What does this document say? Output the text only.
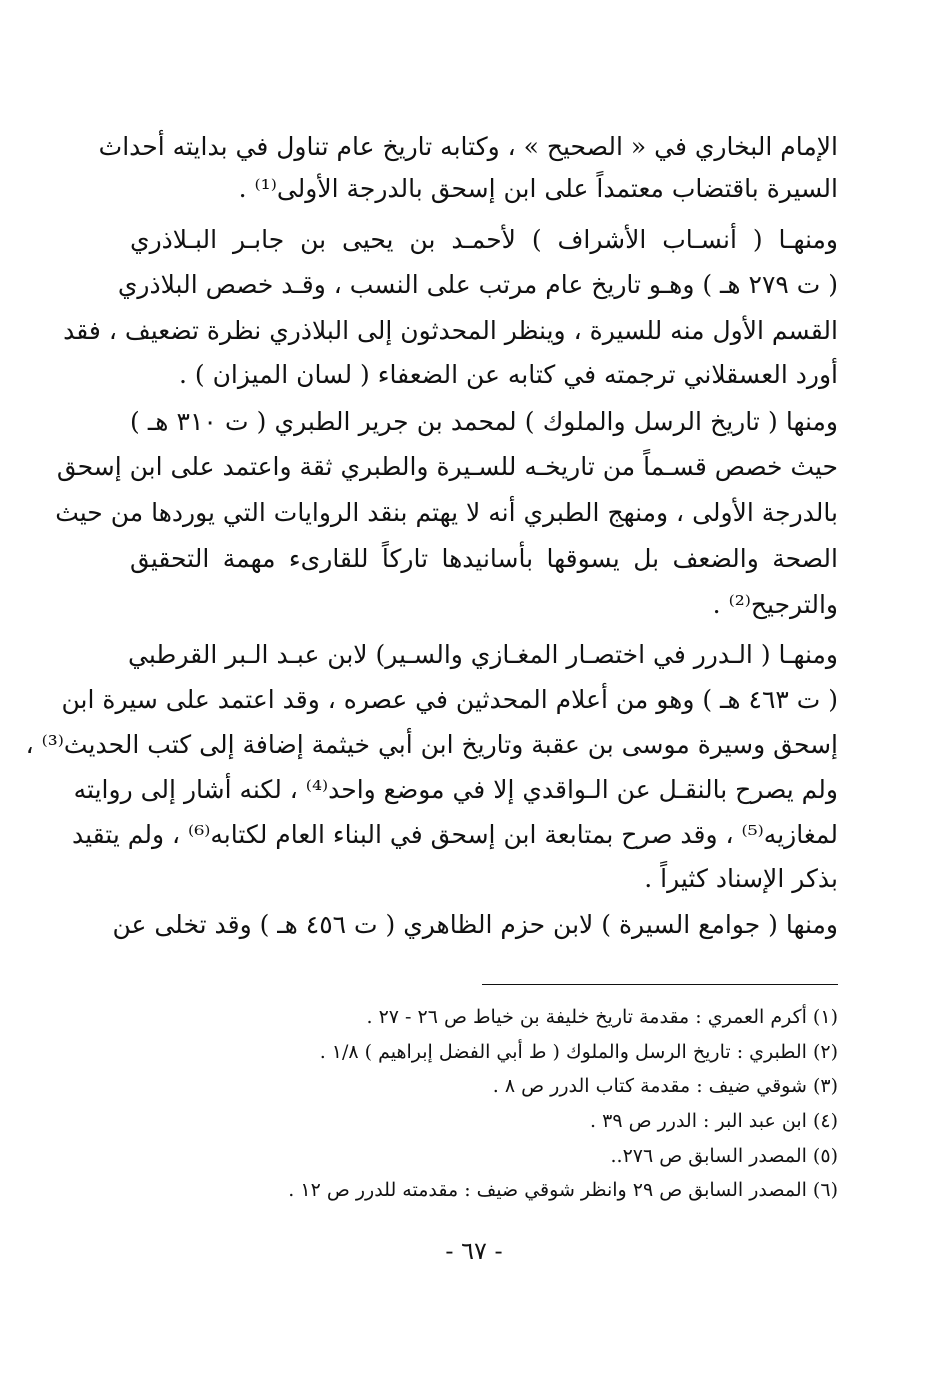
الإمام البخاري في « الصحيح » ، وكتابه تاريخ عام تناول في بدايته أحداث
السيرة باقتضاب معتمداً على ابن إسحق بالدرجة الأولى⁽¹⁾ .
ومنهـا ( أنسـاب الأشراف ) لأحمـد بن يحيى بن جابـر البـلاذري
( ت ٢٧٩ هـ ) وهـو تاريخ عام مرتب على النسب ، وقـد خصص البلاذري
القسم الأول منه للسيرة ، وينظر المحدثون إلى البلاذري نظرة تضعيف ، فقد
أورد العسقلاني ترجمته في كتابه عن الضعفاء ( لسان الميزان ) .
ومنها ( تاريخ الرسل والملوك ) لمحمد بن جرير الطبري ( ت ٣١٠ هـ )
حيث خصص قسـماً من تاريخـه للسـيرة والطبري ثقة واعتمد على ابن إسحق
بالدرجة الأولى ، ومنهج الطبري أنه لا يهتم بنقد الروايات التي يوردها من حيث
الصحة والضعف بل يسوقها بأسانيدها تاركاً للقارىء مهمة التحقيق
والترجيح⁽²⁾ .
ومنهـا ( الـدرر في اختصـار المغـازي والسـير) لابن عبـد الـبر القرطبي
( ت ٤٦٣ هـ ) وهو من أعلام المحدثين في عصره ، وقد اعتمد على سيرة ابن
إسحق وسيرة موسى بن عقبة وتاريخ ابن أبي خيثمة إضافة إلى كتب الحديث⁽³⁾ ،
ولم يصرح بالنقـل عن الـواقدي إلا في موضع واحد⁽⁴⁾ ، لكنه أشار إلى روايته
لمغازيه⁽⁵⁾ ، وقد صرح بمتابعة ابن إسحق في البناء العام لكتابه⁽⁶⁾ ، ولم يتقيد
بذكر الإسناد كثيراً .
ومنها ( جوامع السيرة ) لابن حزم الظاهري ( ت ٤٥٦ هـ ) وقد تخلى عن
(١) أكرم العمري : مقدمة تاريخ خليفة بن خياط ص ٢٦ - ٢٧ .
(٢) الطبري : تاريخ الرسل والملوك ( ط أبي الفضل إبراهيم ) ١/٨ .
(٣) شوقي ضيف : مقدمة كتاب الدرر ص ٨ .
(٤) ابن عبد البر : الدرر ص ٣٩ .
(٥) المصدر السابق ص ٢٧٦..
(٦) المصدر السابق ص ٢٩ وانظر شوقي ضيف : مقدمته للدرر ص ١٢ .
- ٦٧ -
